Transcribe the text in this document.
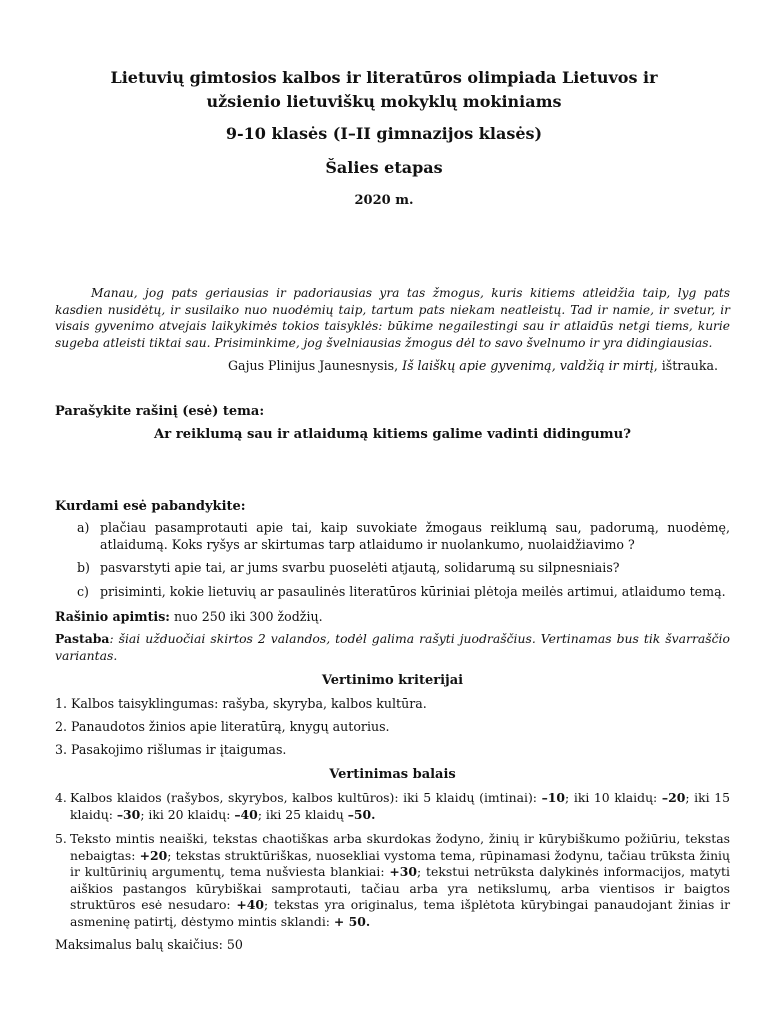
Lietuvių gimtosios kalbos ir literatūros olimpiada Lietuvos ir
užsienio lietuviškų mokyklų mokiniams
9-10 klasės (I–II gimnazijos klasės)
Šalies etapas
2020 m.
Manau, jog pats geriausias ir padoriausias yra tas žmogus, kuris kitiems atleidžia taip, lyg pats kasdien nusidėtų, ir susilaiko nuo nuodėmių taip, tartum pats niekam neatleistų. Tad ir namie, ir svetur, ir visais gyvenimo atvejais laikykimės tokios taisyklės: būkime negailestingi sau ir atlaidūs netgi tiems, kurie sugeba atleisti tiktai sau. Prisiminkime, jog švelniausias žmogus dėl to savo švelnumo ir yra didingiausias.
Gajus Plinijus Jaunesnysis, Iš laiškų apie gyvenimą, valdžią ir mirtį, ištrauka.
Parašykite rašinį (esė) tema:
Ar reiklumą sau ir atlaidumą kitiems galime vadinti didingumu?
Kurdami esė pabandykite:
a) plačiau pasamprotauti apie tai, kaip suvokiate žmogaus reiklumą sau, padorumą, nuodėmę, atlaidumą. Koks ryšys ar skirtumas tarp atlaidumo ir nuolankumo, nuolaidžiavimo ?
b) pasvarstyti apie tai, ar jums svarbu puoselėti atjautą, solidarumą su silpnesniais?
c) prisiminti, kokie lietuvių ar pasaulinės literatūros kūriniai plėtoja meilės artimui, atlaidumo temą.
Rašinio apimtis: nuo 250 iki 300 žodžių.
Pastaba: šiai užduočiai skirtos 2 valandos, todėl galima rašyti juodraščius. Vertinamas bus tik švarraščio variantas.
Vertinimo kriterijai
1. Kalbos taisyklingumas: rašyba, skyryba, kalbos kultūra.
2. Panaudotos žinios apie literatūrą, knygų autorius.
3. Pasakojimo rišlumas ir įtaigumas.
Vertinimas balais
4. Kalbos klaidos (rašybos, skyrybos, kalbos kultūros): iki 5 klaidų (imtinai): –10; iki 10 klaidų: –20; iki 15 klaidų: –30; iki 20 klaidų: –40; iki 25 klaidų –50.
5. Teksto mintis neaiški, tekstas chaotiškas arba skurdokas žodyno, žinių ir kūrybiškumo požiūriu, tekstas nebaigtas: +20; tekstas struktūriškas, nuosekliai vystoma tema, rūpinamasi žodynu, tačiau trūksta žinių ir kultūrinių argumentų, tema nušviesta blankiai: +30; tekstui netrūksta dalykinės informacijos, matyti aiškios pastangos kūrybiškai samprotauti, tačiau arba yra netikslumų, arba vientisos ir baigtos struktūros esė nesudaro: +40; tekstas yra originalus, tema išplėtota kūrybingai panaudojant žinias ir asmeninę patirtį, dėstymo mintis sklandi: + 50.
Maksimalus balų skaičius: 50
